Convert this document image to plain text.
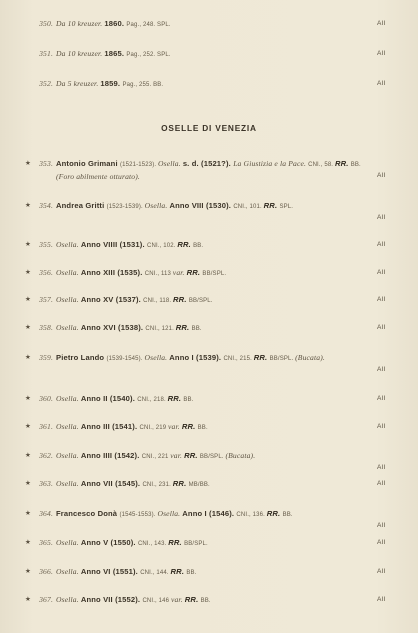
OSELLE DI VENEZIA
350. Da 10 kreuzer. 1860. Pag., 248. SPL.	AII
351. Da 10 kreuzer. 1865. Pag., 252. SPL.	AII
352. Da 5 kreuzer. 1859. Pag., 255. BB.	AII
★	353. Antonio Grimani (1521-1523). Osella. s. d. (1521?). La Giustizia e la Pace. CNI., 58. RR. BB. (Foro abilmente otturato).	AII
★	354. Andrea Gritti (1523-1539). Osella. Anno VIII (1530). CNI., 101. RR. SPL.
AII
★	355. Osella. Anno VIIII (1531). CNI., 102. RR. BB.	AII
★	356. Osella. Anno XIII (1535). CNI., 113 var. RR. BB/SPL.	AII
★	357. Osella. Anno XV (1537). CNI., 118. RR. BB/SPL.	AII
★	358. Osella. Anno XVI (1538). CNI., 121. RR. BB.	AII
★	359. Pietro Lando (1539-1545). Osella. Anno I (1539). CNI., 215. RR. BB/SPL. (Bucata).
AII
★	360. Osella. Anno II (1540). CNI., 218. RR. BB.	AII
★	361. Osella. Anno III (1541). CNI., 219 var. RR. BB.	AII
★	362. Osella. Anno IIII (1542). CNI., 221 var. RR. BB/SPL. (Bucata).
AII
★	363. Osella. Anno VII (1545). CNI., 231. RR. MB/BB.	AII
★	364. Francesco Donà (1545-1553). Osella. Anno I (1546). CNI., 136. RR. BB.
AII
★	365. Osella. Anno V (1550). CNI., 143. RR. BB/SPL.	AII
★	366. Osella. Anno VI (1551). CNI., 144. RR. BB.	AII
★	367. Osella. Anno VII (1552). CNI., 146 var. RR. BB.	AII
